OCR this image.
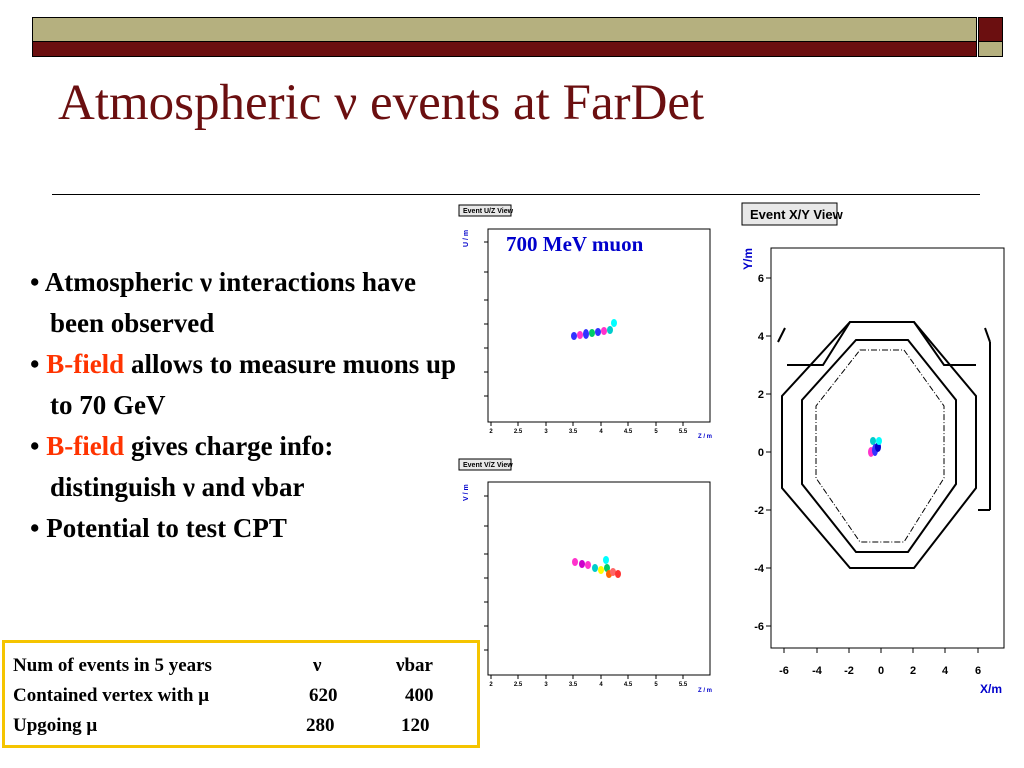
Atmospheric ν events at FarDet
• Atmospheric ν interactions have been observed
• B-field allows to measure muons up to 70 GeV
• B-field gives charge info: distinguish ν and νbar
• Potential to test CPT
Num of events in 5 years	ν	νbar
Contained vertex with μ	620	400
Upgoing μ	280	120
Event U/Z View
U / m
2	2.5	3	3.5	4	4.5	5	5.5
Z / m
700 MeV muon
Event V/Z View
V / m
2	2.5	3	3.5	4	4.5	5	5.5
Z / m
Event X/Y View
Y/m
6
4
2
0
-2
-4
-6
-6 -4 -2 0 2 4 6
X/m
